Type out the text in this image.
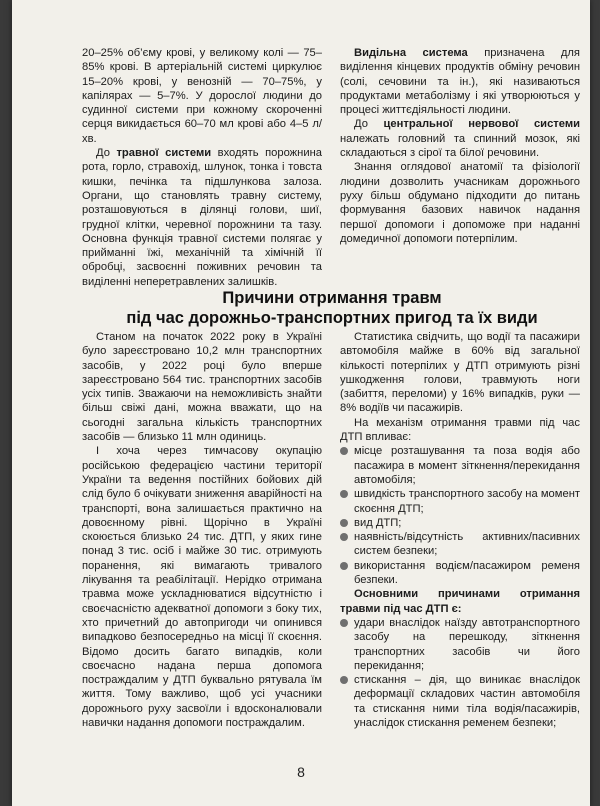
20–25% об’єму крові, у великому колі — 75–85% крові. В артеріальній системі циркулює 15–20% крові, у венозній — 70–75%, у капілярах — 5–7%. У дорослої людини до судинної системи при кожному скороченні серця викидається 60–70 мл крові або 4–5 л/хв.

До травної системи входять порожнина рота, горло, стравохід, шлунок, тонка і товста кишки, печінка та підшлункова залоза. Органи, що становлять травну систему, розташовуються в ділянці голови, шиї, грудної клітки, черевної порожнини та тазу. Основна функція травної системи полягає у прийманні їжі, механічній та хімічній її обробці, засвоєнні поживних речовин та виділенні неперетравлених залишків.

Видільна система призначена для виділення кінцевих продуктів обміну речовин (солі, сечовини та ін.), які називаються продуктами метаболізму і які утворюються у процесі життєдіяльності людини.

До центральної нервової системи належать головний та спинний мозок, які складаються з сірої та білої речовини.

Знання оглядової анатомії та фізіології людини дозволить учасникам дорожнього руху більш обдумано підходити до питань формування базових навичок надання першої допомоги і допоможе при наданні домедичної допомоги потерпілим.

Причини отримання травм
під час дорожньо-транспортних пригод та їх види

Станом на початок 2022 року в Україні було зареєстровано 10,2 млн транспортних засобів, у 2022 році було вперше зареєстровано 564 тис. транспортних засобів усіх типів. Зважаючи на неможливість знайти більш свіжі дані, можна вважати, що на сьогодні загальна кількість транспортних засобів — близько 11 млн одиниць.

І хоча через тимчасову окупацію російською федерацією частини території України та ведення постійних бойових дій слід було б очікувати зниження аварійності на транспорті, вона залишається практично на довоєнному рівні. Щорічно в Україні скоюється близько 24 тис. ДТП, у яких гине понад 3 тис. осіб і майже 30 тис. отримують поранення, які вимагають тривалого лікування та реабілітації. Нерідко отримана травма може ускладнюватися відсутністю і своєчасністю адекватної допомоги з боку тих, хто причетний до автопригоди чи опинився випадково безпосередньо на місці її скоєння. Відомо досить багато випадків, коли своєчасно надана перша допомога постраждалим у ДТП буквально рятувала їм життя. Тому важливо, щоб усі учасники дорожнього руху засвоїли і вдосконалювали навички надання допомоги постраждалим.

Статистика свідчить, що водії та пасажири автомобіля майже в 60% від загальної кількості потерпілих у ДТП отримують різні ушкодження голови, травмують ноги (забиття, переломи) у 16% випадків, руки — 8% водіїв чи пасажирів.

На механізм отримання травми під час ДТП впливає:

місце розташування та поза водія або пасажира в момент зіткнення/перекидання автомобіля;
швидкість транспортного засобу на момент скоєння ДТП;
вид ДТП;
наявність/відсутність активних/пасивних систем безпеки;
використання водієм/пасажиром ременя безпеки.

Основними причинами отримання травми під час ДТП є:

удари внаслідок наїзду автотранспортного засобу на перешкоду, зіткнення транспортних засобів чи його перекидання;
стискання – дія, що виникає внаслідок деформації складових частин автомобіля та стискання ними тіла водія/пасажирів, унаслідок стискання ременем безпеки;
8
